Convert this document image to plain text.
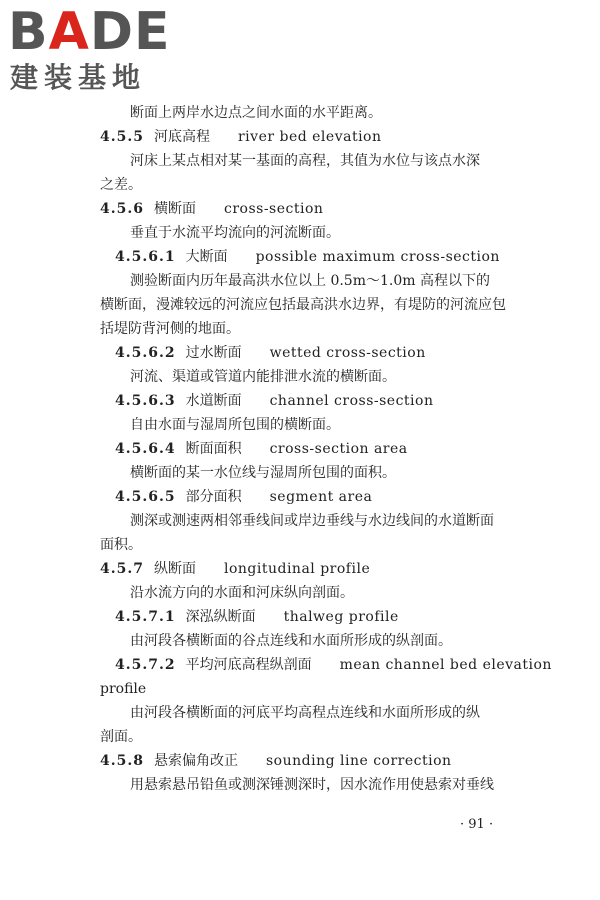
BADE
建装基地
断面上两岸水边点之间水面的水平距离。
4.5.5 河底高程 river bed elevation
河床上某点相对某一基面的高程，其值为水位与该点水深
之差。
4.5.6 横断面 cross-section
垂直于水流平均流向的河流断面。
4.5.6.1 大断面 possible maximum cross-section
测验断面内历年最高洪水位以上 0.5m～1.0m 高程以下的
横断面，漫滩较远的河流应包括最高洪水边界，有堤防的河流应包
括堤防背河侧的地面。
4.5.6.2 过水断面 wetted cross-section
河流、渠道或管道内能排泄水流的横断面。
4.5.6.3 水道断面 channel cross-section
自由水面与湿周所包围的横断面。
4.5.6.4 断面面积 cross-section area
横断面的某一水位线与湿周所包围的面积。
4.5.6.5 部分面积 segment area
测深或测速两相邻垂线间或岸边垂线与水边线间的水道断面
面积。
4.5.7 纵断面 longitudinal profile
沿水流方向的水面和河床纵向剖面。
4.5.7.1 深泓纵断面 thalweg profile
由河段各横断面的谷点连线和水面所形成的纵剖面。
4.5.7.2 平均河底高程纵剖面 mean channel bed elevation
profile
由河段各横断面的河底平均高程点连线和水面所形成的纵
剖面。
4.5.8 悬索偏角改正 sounding line correction
用悬索悬吊铅鱼或测深锤测深时，因水流作用使悬索对垂线
· 91 ·
